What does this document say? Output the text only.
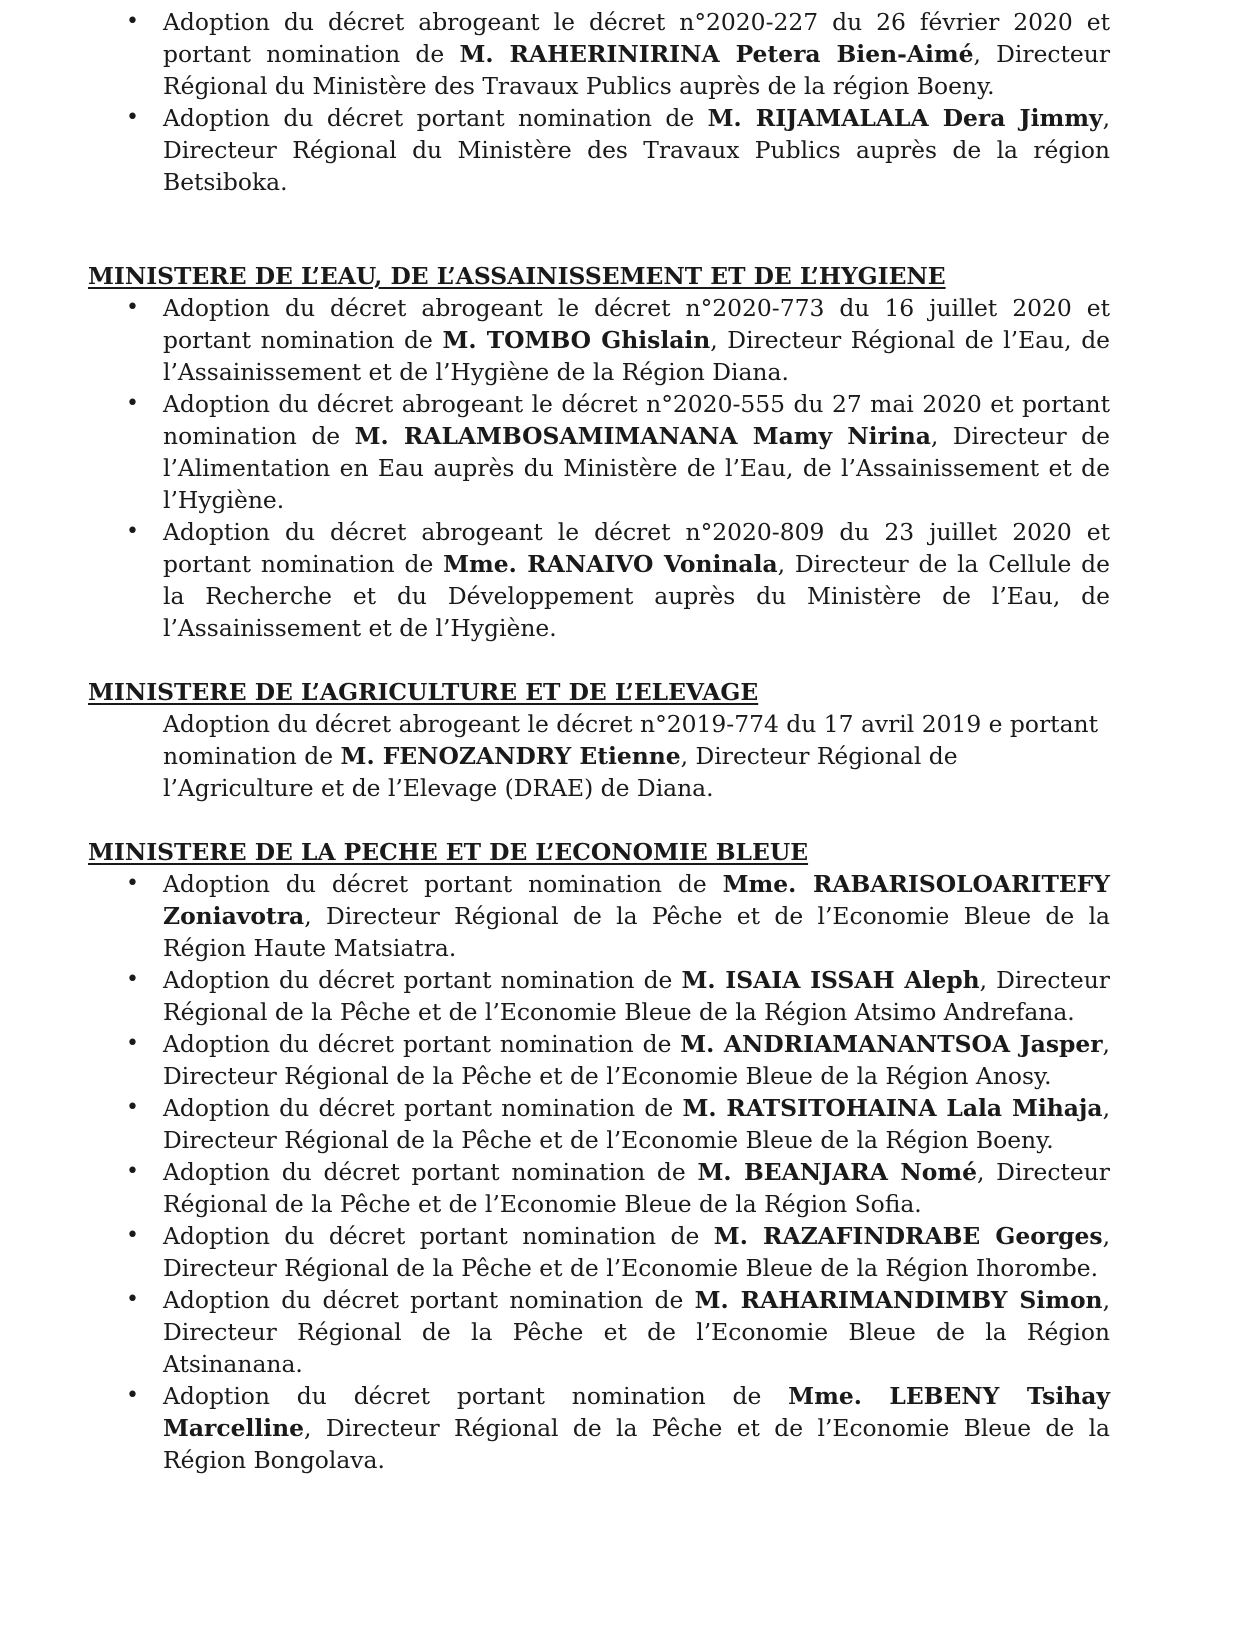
• Adoption du décret abrogeant le décret n°2020-227 du 26 février 2020 et portant nomination de M. RAHERINIRINA Petera Bien-Aimé, Directeur Régional du Ministère des Travaux Publics auprès de la région Boeny.
• Adoption du décret portant nomination de M. RIJAMALALA Dera Jimmy, Directeur Régional du Ministère des Travaux Publics auprès de la région Betsiboka.
MINISTERE DE L’EAU, DE L’ASSAINISSEMENT ET DE L’HYGIENE
• Adoption du décret abrogeant le décret n°2020-773 du 16 juillet 2020 et portant nomination de M. TOMBO Ghislain, Directeur Régional de l’Eau, de l’Assainissement et de l’Hygiène de la Région Diana.
• Adoption du décret abrogeant le décret n°2020-555 du 27 mai 2020 et portant nomination de M. RALAMBOSAMIMANANA Mamy Nirina, Directeur de l’Alimentation en Eau auprès du Ministère de l’Eau, de l’Assainissement et de l’Hygiène.
• Adoption du décret abrogeant le décret n°2020-809 du 23 juillet 2020 et portant nomination de Mme. RANAIVO Voninala, Directeur de la Cellule de la Recherche et du Développement auprès du Ministère de l’Eau, de l’Assainissement et de l’Hygiène.
MINISTERE DE L’AGRICULTURE ET DE L’ELEVAGE

Adoption du décret abrogeant le décret n°2019-774 du 17 avril 2019 e portant nomination de M. FENOZANDRY Etienne, Directeur Régional de l’Agriculture et de l’Elevage (DRAE) de Diana.

MINISTERE DE LA PECHE ET DE L’ECONOMIE BLEUE
• Adoption du décret portant nomination de Mme. RABARISOLOARITEFY Zoniavotra, Directeur Régional de la Pêche et de l’Economie Bleue de la Région Haute Matsiatra.
• Adoption du décret portant nomination de M. ISAIA ISSAH Aleph, Directeur Régional de la Pêche et de l’Economie Bleue de la Région Atsimo Andrefana.
• Adoption du décret portant nomination de M. ANDRIAMANANTSOA Jasper, Directeur Régional de la Pêche et de l’Economie Bleue de la Région Anosy.
• Adoption du décret portant nomination de M. RATSITOHAINA Lala Mihaja, Directeur Régional de la Pêche et de l’Economie Bleue de la Région Boeny.
• Adoption du décret portant nomination de M. BEANJARA Nomé, Directeur Régional de la Pêche et de l’Economie Bleue de la Région Sofia.
• Adoption du décret portant nomination de M. RAZAFINDRABE Georges, Directeur Régional de la Pêche et de l’Economie Bleue de la Région Ihorombe.
• Adoption du décret portant nomination de M. RAHARIMANDIMBY Simon, Directeur Régional de la Pêche et de l’Economie Bleue de la Région Atsinanana.
• Adoption du décret portant nomination de Mme. LEBENY Tsihay Marcelline, Directeur Régional de la Pêche et de l’Economie Bleue de la Région Bongolava.
